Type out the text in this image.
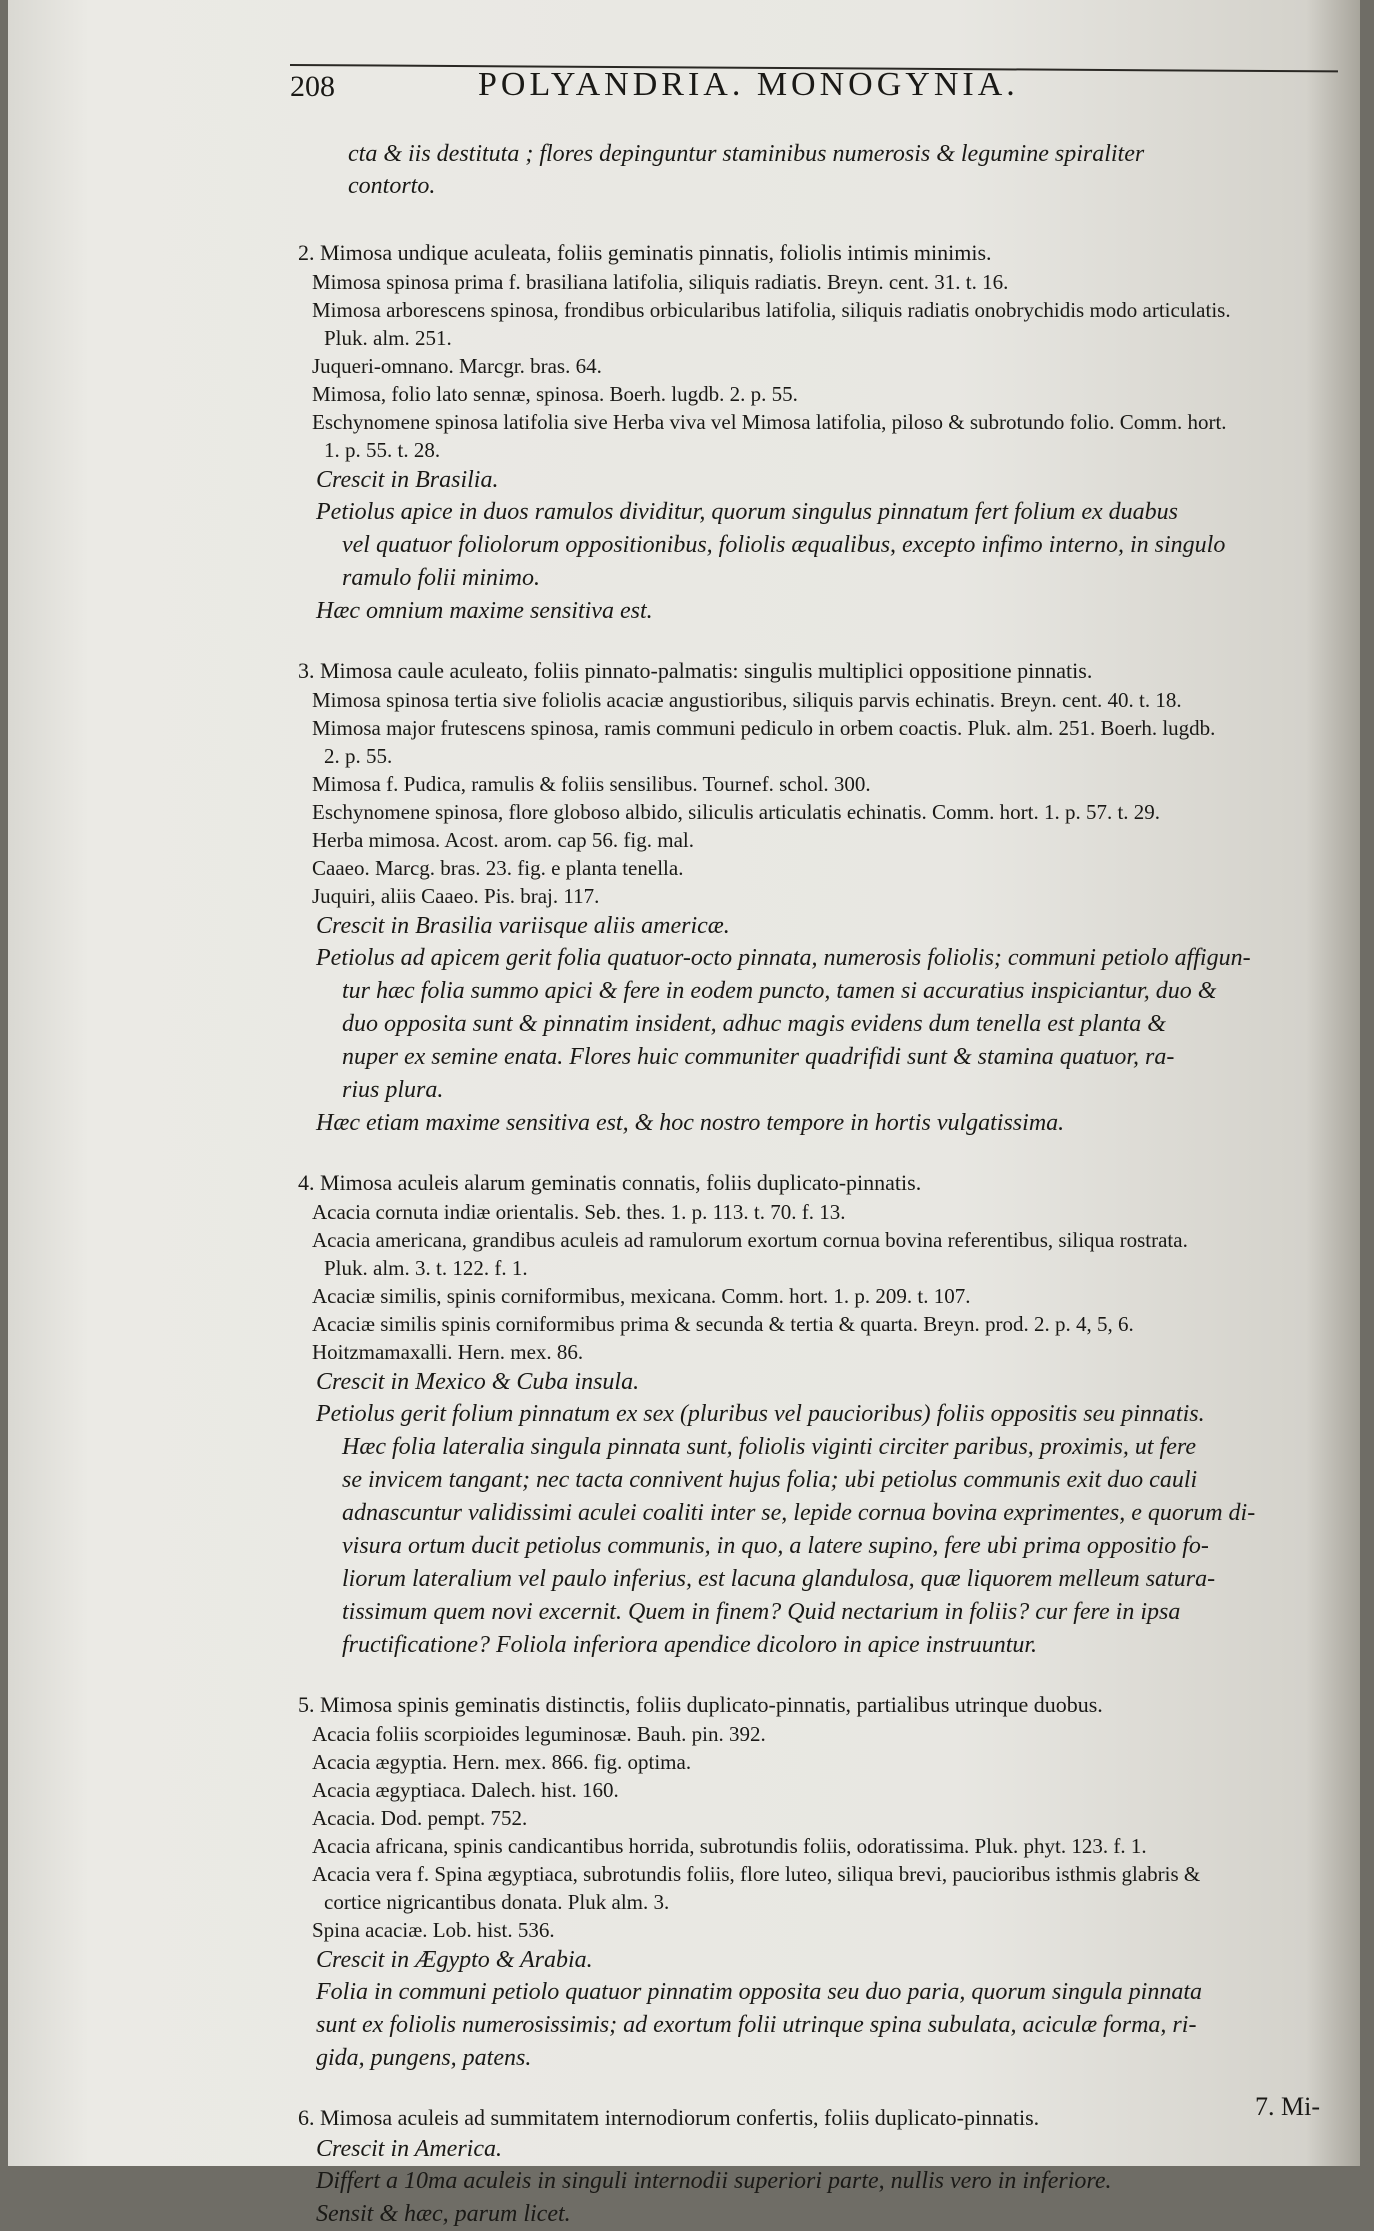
208	POLYANDRIA. MONOGYNIA.
cta & iis destituta ; flores depinguntur staminibus numerosis & legumine spiraliter
contorto.
2. Mimosa undique aculeata, foliis geminatis pinnatis, foliolis intimis minimis.
Mimosa spinosa prima f. brasiliana latifolia, siliquis radiatis. Breyn. cent. 31. t. 16.
Mimosa arborescens spinosa, frondibus orbicularibus latifolia, siliquis radiatis onobrychidis modo articulatis.
Pluk. alm. 251.
Juqueri-omnano. Marcgr. bras. 64.
Mimosa, folio lato sennæ, spinosa. Boerh. lugdb. 2. p. 55.
Eschynomene spinosa latifolia sive Herba viva vel Mimosa latifolia, piloso & subrotundo folio. Comm. hort.
1. p. 55. t. 28.
Crescit in Brasilia.
Petiolus apice in duos ramulos dividitur, quorum singulus pinnatum fert folium ex duabus
vel quatuor foliolorum oppositionibus, foliolis æqualibus, excepto infimo interno, in singulo
ramulo folii minimo.
Hæc omnium maxime sensitiva est.
3. Mimosa caule aculeato, foliis pinnato-palmatis: singulis multiplici oppositione pinnatis.
Mimosa spinosa tertia sive foliolis acaciæ angustioribus, siliquis parvis echinatis. Breyn. cent. 40. t. 18.
Mimosa major frutescens spinosa, ramis communi pediculo in orbem coactis. Pluk. alm. 251. Boerh. lugdb.
2. p. 55.
Mimosa f. Pudica, ramulis & foliis sensilibus. Tournef. schol. 300.
Eschynomene spinosa, flore globoso albido, siliculis articulatis echinatis. Comm. hort. 1. p. 57. t. 29.
Herba mimosa. Acost. arom. cap 56. fig. mal.
Caaeo. Marcg. bras. 23. fig. e planta tenella.
Juquiri, aliis Caaeo. Pis. braj. 117.
Crescit in Brasilia variisque aliis americæ.
Petiolus ad apicem gerit folia quatuor-octo pinnata, numerosis foliolis; communi petiolo affigun-
tur hæc folia summo apici & fere in eodem puncto, tamen si accuratius inspiciantur, duo &
duo opposita sunt & pinnatim insident, adhuc magis evidens dum tenella est planta &
nuper ex semine enata. Flores huic communiter quadrifidi sunt & stamina quatuor, ra-
rius plura.
Hæc etiam maxime sensitiva est, & hoc nostro tempore in hortis vulgatissima.
4. Mimosa aculeis alarum geminatis connatis, foliis duplicato-pinnatis.
Acacia cornuta indiæ orientalis. Seb. thes. 1. p. 113. t. 70. f. 13.
Acacia americana, grandibus aculeis ad ramulorum exortum cornua bovina referentibus, siliqua rostrata.
Pluk. alm. 3. t. 122. f. 1.
Acaciæ similis, spinis corniformibus, mexicana. Comm. hort. 1. p. 209. t. 107.
Acaciæ similis spinis corniformibus prima & secunda & tertia & quarta. Breyn. prod. 2. p. 4, 5, 6.
Hoitzmamaxalli. Hern. mex. 86.
Crescit in Mexico & Cuba insula.
Petiolus gerit folium pinnatum ex sex (pluribus vel paucioribus) foliis oppositis seu pinnatis.
Hæc folia lateralia singula pinnata sunt, foliolis viginti circiter paribus, proximis, ut fere
se invicem tangant; nec tacta connivent hujus folia; ubi petiolus communis exit duo cauli
adnascuntur validissimi aculei coaliti inter se, lepide cornua bovina exprimentes, e quorum di-
visura ortum ducit petiolus communis, in quo, a latere supino, fere ubi prima oppositio fo-
liorum lateralium vel paulo inferius, est lacuna glandulosa, quæ liquorem melleum satura-
tissimum quem novi excernit. Quem in finem? Quid nectarium in foliis? cur fere in ipsa
fructificatione? Foliola inferiora apendice dicoloro in apice instruuntur.
5. Mimosa spinis geminatis distinctis, foliis duplicato-pinnatis, partialibus utrinque duobus.
Acacia foliis scorpioides leguminosæ. Bauh. pin. 392.
Acacia ægyptia. Hern. mex. 866. fig. optima.
Acacia ægyptiaca. Dalech. hist. 160.
Acacia. Dod. pempt. 752.
Acacia africana, spinis candicantibus horrida, subrotundis foliis, odoratissima. Pluk. phyt. 123. f. 1.
Acacia vera f. Spina ægyptiaca, subrotundis foliis, flore luteo, siliqua brevi, paucioribus isthmis glabris &
cortice nigricantibus donata. Pluk alm. 3.
Spina acaciæ. Lob. hist. 536.
Crescit in Ægypto & Arabia.
Folia in communi petiolo quatuor pinnatim opposita seu duo paria, quorum singula pinnata
sunt ex foliolis numerosissimis; ad exortum folii utrinque spina subulata, aciculæ forma, ri-
gida, pungens, patens.
6. Mimosa aculeis ad summitatem internodiorum confertis, foliis duplicato-pinnatis.
Crescit in America.
Differt a 10ma aculeis in singuli internodii superiori parte, nullis vero in inferiore.
Sensit & hæc, parum licet.
7. Mi-
